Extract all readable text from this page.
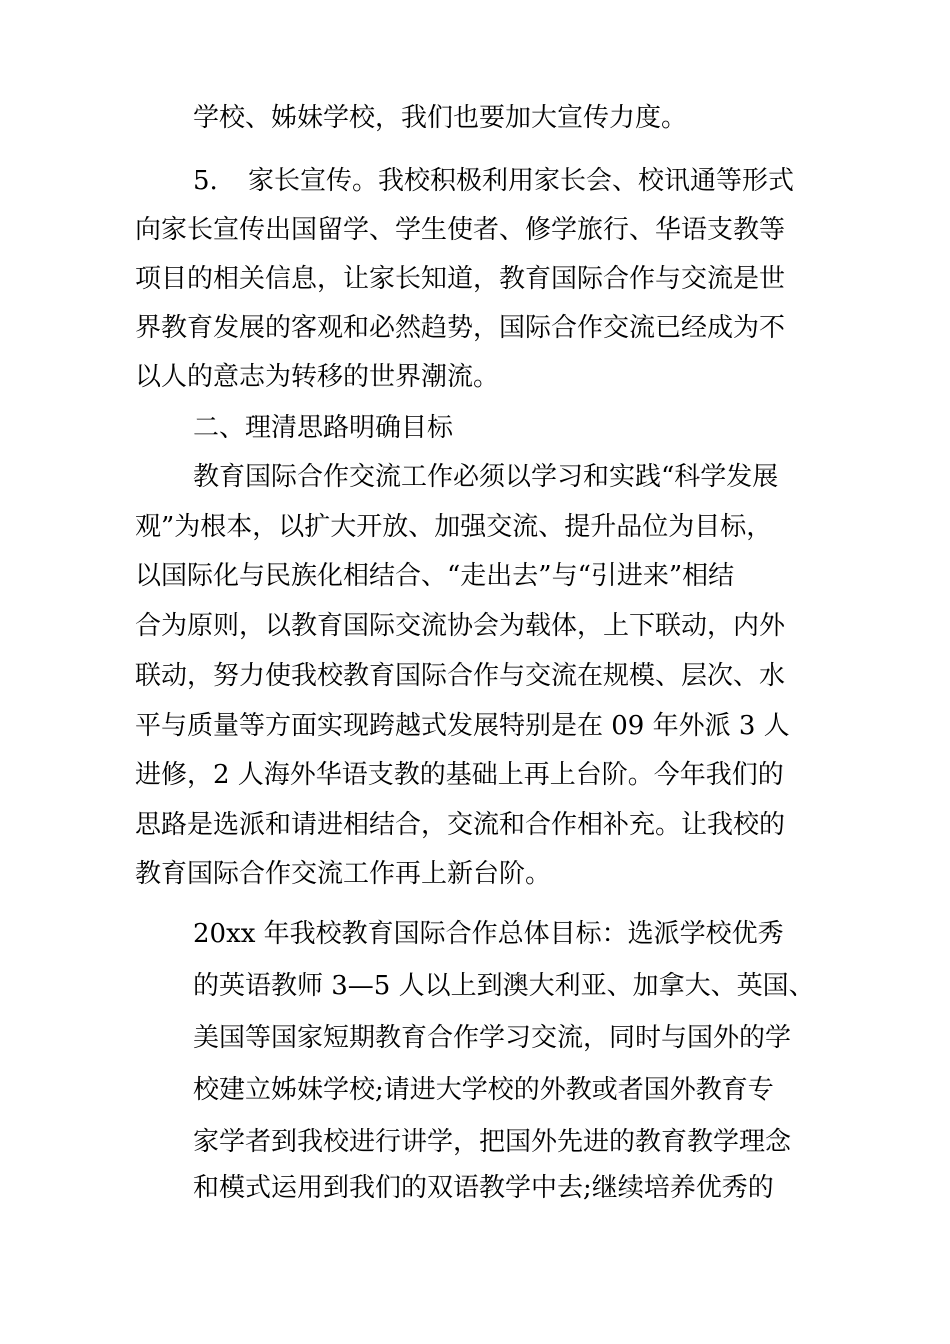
学校、姊妹学校，我们也要加大宣传力度。
5. 家长宣传。我校积极利用家长会、校讯通等形式
向家长宣传出国留学、学生使者、修学旅行、华语支教等
项目的相关信息，让家长知道，教育国际合作与交流是世
界教育发展的客观和必然趋势，国际合作交流已经成为不
以人的意志为转移的世界潮流。
二、理清思路明确目标
教育国际合作交流工作必须以学习和实践“科学发展
观”为根本，以扩大开放、加强交流、提升品位为目标，
以国际化与民族化相结合、“走出去”与“引进来”相结
合为原则，以教育国际交流协会为载体，上下联动，内外
联动，努力使我校教育国际合作与交流在规模、层次、水
平与质量等方面实现跨越式发展特别是在 09 年外派 3 人
进修，2 人海外华语支教的基础上再上台阶。今年我们的
思路是选派和请进相结合，交流和合作相补充。让我校的
教育国际合作交流工作再上新台阶。
20xx 年我校教育国际合作总体目标：选派学校优秀
的英语教师 3—5 人以上到澳大利亚、加拿大、英国、
美国等国家短期教育合作学习交流，同时与国外的学
校建立姊妹学校;请进大学校的外教或者国外教育专
家学者到我校进行讲学，把国外先进的教育教学理念
和模式运用到我们的双语教学中去;继续培养优秀的
